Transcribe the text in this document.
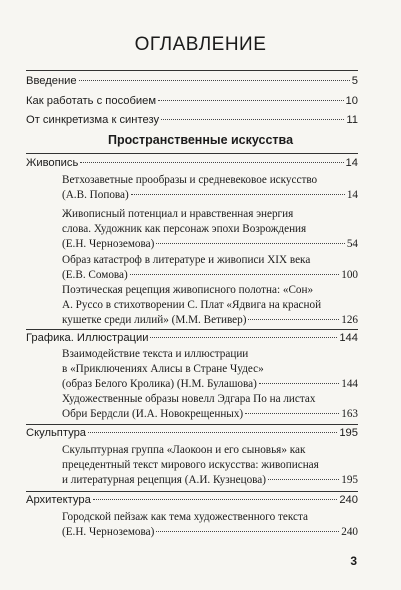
ОГЛАВЛЕНИЕ
Введение	5
Как работать с пособием	10
От синкретизма к синтезу	11
Пространственные искусства
Живопись	14
Ветхозаветные прообразы и средневековое искусство
(А.В. Попова)	14
Живописный потенциал и нравственная энергия
слова. Художник как персонаж эпохи Возрождения
(Е.Н. Черноземова)	54
Образ катастроф в литературе и живописи XIX века
(Е.В. Сомова)	100
Поэтическая рецепция живописного полотна: «Сон»
А. Руссо в стихотворении С. Плат «Ядвига на красной
кушетке среди лилий» (М.М. Ветивер)	126
Графика. Иллюстрации	144
Взаимодействие текста и иллюстрации
в «Приключениях Алисы в Стране Чудес»
(образ Белого Кролика) (Н.М. Булашова)	144
Художественные образы новелл Эдгара По на листах
Обри Бердсли (И.А. Новокрещенных)	163
Скульптура	195
Скульптурная группа «Лаокоон и его сыновья» как
прецедентный текст мирового искусства: живописная
и литературная рецепция (А.И. Кузнецова)	195
Архитектура	240
Городской пейзаж как тема художественного текста
(Е.Н. Черноземова)	240
3
